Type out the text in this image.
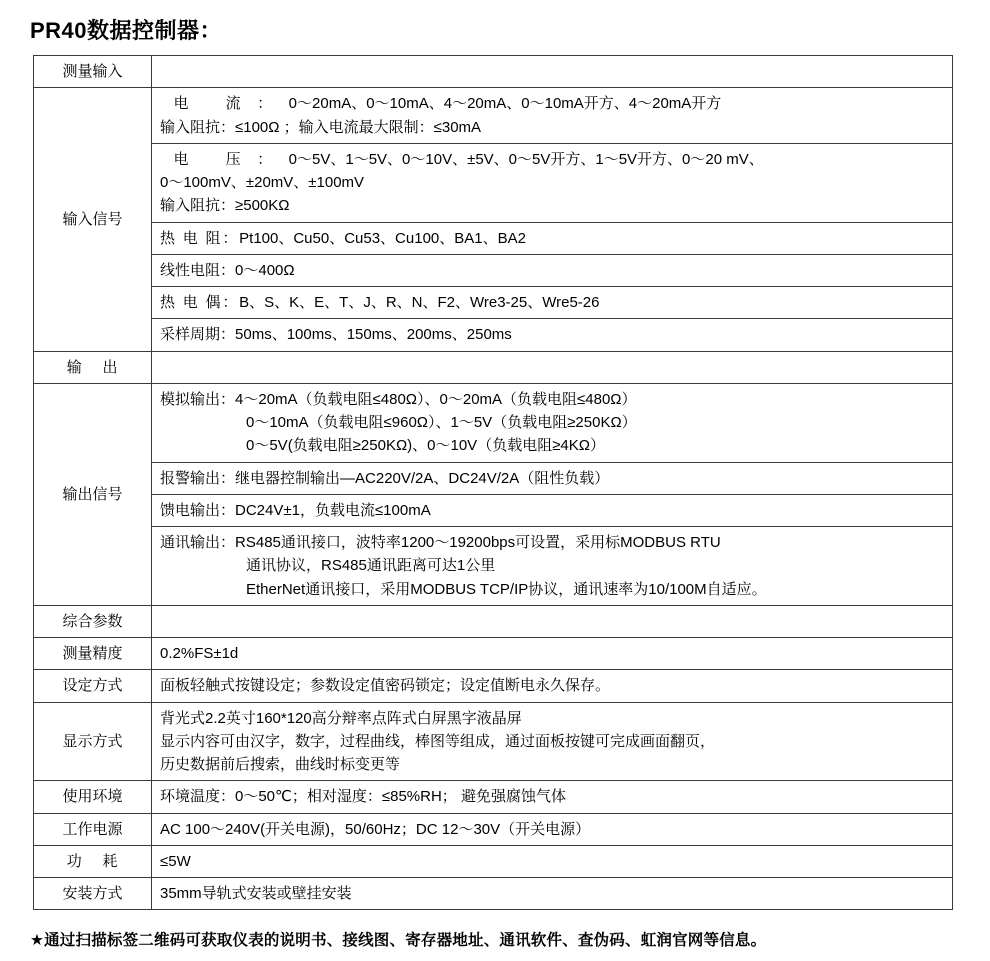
PR40数据控制器：
测量输入	
输入信号	电 流：0～20mA、0～10mA、4～20mA、0～10mA开方、4～20mA开方
输入阻抗：≤100Ω ；输入电流最大限制：≤30mA

	电 压：0～5V、1～5V、0～10V、±5V、0～5V开方、1～5V开方、0～20 mV、
0～100mV、±20mV、±100mV
输入阻抗：≥500KΩ

	热 电 阻：Pt100、Cu50、Cu53、Cu100、BA1、BA2

	线性电阻：0～400Ω

	热 电 偶：B、S、K、E、T、J、R、N、F2、Wre3-25、Wre5-26

	采样周期：50ms、100ms、150ms、200ms、250ms

输 出	
输出信号	模拟输出：4～20mA（负载电阻≤480Ω）、0～20mA（负载电阻≤480Ω）
0～10mA（负载电阻≤960Ω）、1～5V（负载电阻≥250KΩ）
0～5V(负载电阻≥250KΩ)、0～10V（负载电阻≥4KΩ）

	报警输出：继电器控制输出—AC220V/2A、DC24V/2A（阻性负载）

	馈电输出：DC24V±1，负载电流≤100mA

	通讯输出：RS485通讯接口，波特率1200～19200bps可设置，采用标MODBUS RTU
通讯协议，RS485通讯距离可达1公里
EtherNet通讯接口，采用MODBUS TCP/IP协议，通讯速率为10/100M自适应。

综合参数	
测量精度	0.2%FS±1d
设定方式	面板轻触式按键设定；参数设定值密码锁定；设定值断电永久保存。
显示方式	背光式2.2英寸160*120高分辩率点阵式白屏黑字液晶屏
显示内容可由汉字，数字，过程曲线，棒图等组成，通过面板按键可完成画面翻页，
历史数据前后搜索，曲线时标变更等

使用环境	环境温度：0～50℃；相对湿度：≤85%RH； 避免强腐蚀气体
工作电源	AC 100～240V(开关电源)，50/60Hz；DC 12～30V（开关电源）
功 耗	≤5W
安装方式	35mm导轨式安装或壁挂安装
★通过扫描标签二维码可获取仪表的说明书、接线图、寄存器地址、通讯软件、查伪码、虹润官网等信息。
